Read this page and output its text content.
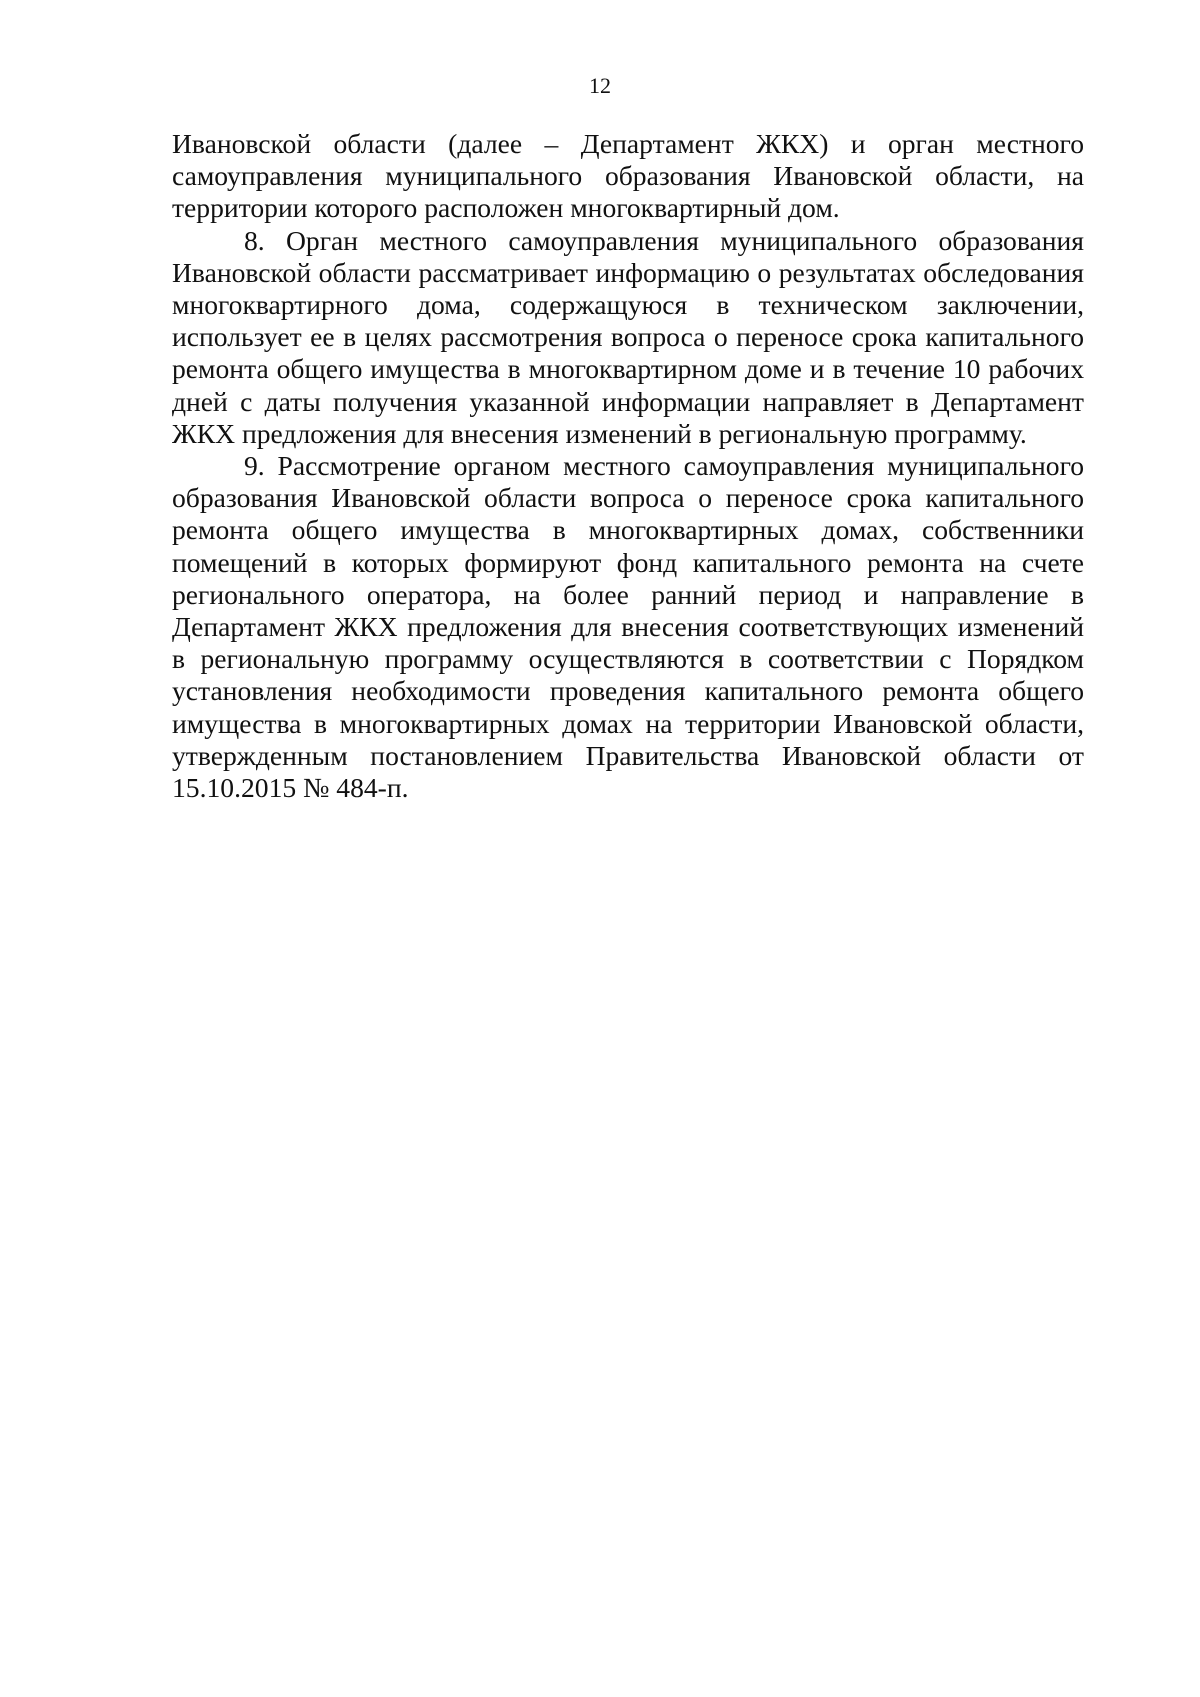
12

Ивановской области (далее – Департамент ЖКХ) и орган местного самоуправления муниципального образования Ивановской области, на территории которого расположен многоквартирный дом.

8. Орган местного самоуправления муниципального образования Ивановской области рассматривает информацию о результатах обследования многоквартирного дома, содержащуюся в техническом заключении, использует ее в целях рассмотрения вопроса о переносе срока капитального ремонта общего имущества в многоквартирном доме и в течение 10 рабочих дней с даты получения указанной информации направляет в Департамент ЖКХ предложения для внесения изменений в региональную программу.

9. Рассмотрение органом местного самоуправления муниципального образования Ивановской области вопроса о переносе срока капитального ремонта общего имущества в многоквартирных домах, собственники помещений в которых формируют фонд капитального ремонта на счете регионального оператора, на более ранний период и направление в Департамент ЖКХ предложения для внесения соответствующих изменений в региональную программу осуществляются в соответствии с Порядком установления необходимости проведения капитального ремонта общего имущества в многоквартирных домах на территории Ивановской области, утвержденным постановлением Правительства Ивановской области от 15.10.2015 № 484-п.
